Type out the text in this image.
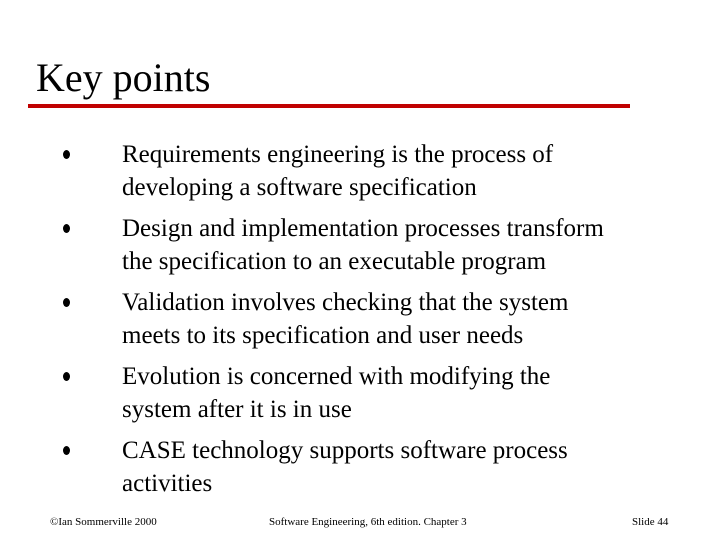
Key points
Requirements engineering is the process of
developing a software specification
Design and implementation processes transform
the specification to an executable program
Validation involves checking that the system
meets to its specification and user needs
Evolution is concerned with modifying the
system after it is in use
CASE technology supports software process
activities
©Ian Sommerville 2000	Software Engineering, 6th edition. Chapter 3	Slide 44
